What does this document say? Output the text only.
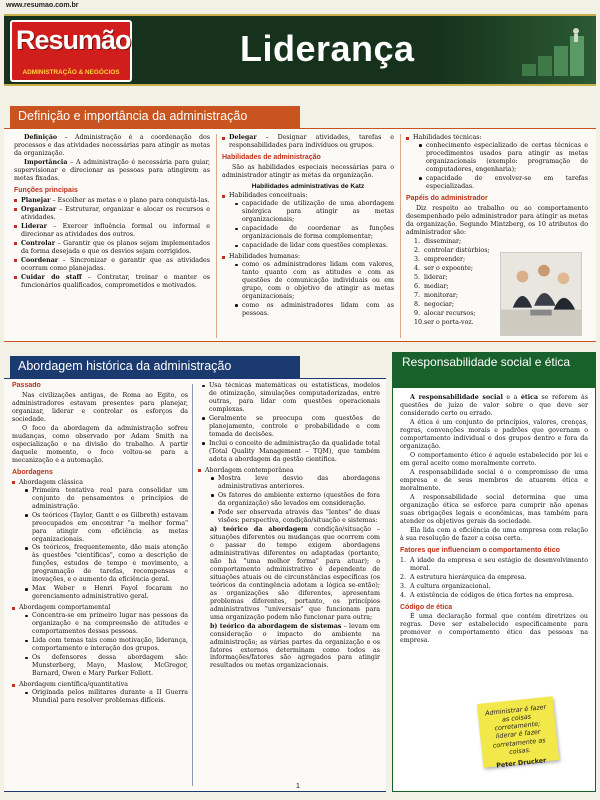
www.resumao.com.br
Resumão
ADMINISTRAÇÃO & NEGÓCIOS
Liderança
Definição e importância da administração

Definição – Administração é a coordenação dos processos e das atividades necessárias para atingir as metas da organização.

Importância – A administração é necessária para guiar, supervisionar e direcionar as pessoas para atingirem as metas fixadas.

Funções principais
Planejar – Escolher as metas e o plano para conquistá-las.
Organizar – Estruturar, organizar e alocar os recursos e atividades.
Liderar – Exercer influência formal ou informal e direcionar as atividades dos outros.
Controlar – Garantir que os planos sejam implementados da forma desejada e que os desvios sejam corrigidos.
Coordenar – Sincronizar e garantir que as atividades ocorram como planejadas.
Cuidar do staff – Contratar, treinar e manter os funcionários qualificados, comprometidos e motivados.
Delegar – Designar atividades, tarefas e responsabilidades para indivíduos ou grupos.
Habilidades de administração

São as habilidades especiais necessárias para o administrador atingir as metas da organização.

Habilidades administrativas de Katz
Habilidades conceituais:
capacidade de utilização de uma abordagem sinérgica para atingir as metas organizacionais;
capacidade de coordenar as funções organizacionais de forma complementar;
capacidade de lidar com questões complexas.
Habilidades humanas:
como os administradores lidam com valores, tanto quanto com as atitudes e com as questões de comunicação individuais ou em grupo, com o objetivo de atingir as metas organizacionais;
como os administradores lidam com as pessoas.
Habilidades técnicas:
conhecimento especializado de certas técnicas e procedimentos usados para atingir as metas organizacionais (exemplo: programação de computadores, engenharia);
capacidade de envolver-se em tarefas especializadas.
Papéis do administrador

Diz respeito ao trabalho ou ao comportamento desempenhado pelo administrador para atingir as metas da organização. Segundo Mintzberg, os 10 atributos do administrador são:

1. disseminar;
2. controlar distúrbios;
3. empreender;
4. ser o expoente;
5. liderar;
6. mediar;
7. monitorar;
8. negociar;
9. alocar recursos;
10. ser o porta-voz.
Abordagem histórica da administração
Passado

Nas civilizações antigas, de Roma ao Egito, os administradores estavam presentes para planejar, organizar, liderar e controlar os esforços da sociedade.

O foco da abordagem da administração sofreu mudanças, como observado por Adam Smith na especialização e na divisão do trabalho. A partir daquele momento, o foco voltou-se para a mecanização e a automação.

Abordagens
Abordagem clássica
Primeira tentativa real para consolidar um conjunto de pensamentos e princípios de administração.
Os teóricos (Taylor, Gantt e os Gilbreth) estavam preocupados em encontrar "a melhor forma" para atingir com eficiência as metas organizacionais.
Os teóricos, frequentemente, dão mais atenção às questões "científicas", como a descrição de funções, estudos de tempo e movimento, a programação de tarefas, recompensas e inovações, e o aumento da eficiência geral.
Max Weber e Henri Fayol focaram no gerenciamento administrativo geral.
Abordagem comportamental
Concentra-se em primeiro lugar nas pessoas da organização e na compreensão de atitudes e comportamentos dessas pessoas.
Lida com temas tais como motivação, liderança, comportamento e interação dos grupos.
Os defensores dessa abordagem são: Munsterberg, Mayo, Maslow, McGregor, Barnard, Owen e Mary Parker Follett.
Abordagem científica/quantitativa
Originada pelos militares durante a II Guerra Mundial para resolver problemas difíceis.
Usa técnicas matemáticas ou estatísticas, modelos de otimização, simulações computadorizadas, entre outras, para lidar com questões operacionais complexas.
Geralmente se preocupa com questões de planejamento, controle e probabilidade e com tomada de decisões.
Inclui o conceito de administração da qualidade total (Total Quality Management – TQM), que também adota a abordagem da gestão científica.
Abordagem contemporânea
Mostra leve desvio das abordagens administrativas anteriores.
Os fatores do ambiente externo (questões de fora da organização) são levados em consideração.
Pode ser observada através das "lentes" de duas visões: perspectiva, condição/situação e sistemas:

a) teórico da abordagem condição/situação – situações diferentes ou mudanças que ocorrem com o passar do tempo exigem abordagens administrativas diferentes ou adaptadas (portanto, não há "uma melhor forma" para atuar); o comportamento administrativo é dependente de situações atuais ou de circunstâncias específicas (os teóricos da contingência adotam a lógica se-então); as organizações são diferentes, apresentam problemas diferentes, portanto, os princípios administrativos "universais" que funcionam para uma organização podem não funcionar para outra;

b) teórico da abordagem de sistemas – levam em consideração o impacto do ambiente na administração; as várias partes da organização e os fatores externos determinam como todos as informações/fatores são agregados para atingir resultados ou metas organizacionais.

Responsabilidade social e ética

A responsabilidade social e a ética se referem às questões de juízo de valor sobre o que deve ser considerado certo ou errado.

A ética é um conjunto de princípios, valores, crenças, regras, convenções morais e padrões que governam o comportamento individual e dos grupos dentro e fora da organização.

O comportamento ético é aquele estabelecido por lei e em geral aceito como moralmente correto.

A responsabilidade social é o compromisso de uma empresa e de seus membros de atuarem ética e moralmente.

A responsabilidade social determina que uma organização ética se esforce para cumprir não apenas suas obrigações legais e econômicas, mas também para atender os objetivos gerais da sociedade.

Ela lida com a eficiência de uma empresa com relação à sua resolução de fazer a coisa certa.

Fatores que influenciam o comportamento ético
1. A idade da empresa e seu estágio de desenvolvimento moral.
2. A estrutura hierárquica da empresa.
3. A cultura organizacional.
4. A existência de códigos de ética fortes na empresa.
Código de ética

É uma declaração formal que contém diretrizes ou regras. Deve ser estabelecido especificamente para promover o comportamento ético das pessoas na empresa.

Administrar é fazer as coisas corretamente; liderar é fazer corretamente as coisas.
Peter Drucker
1
